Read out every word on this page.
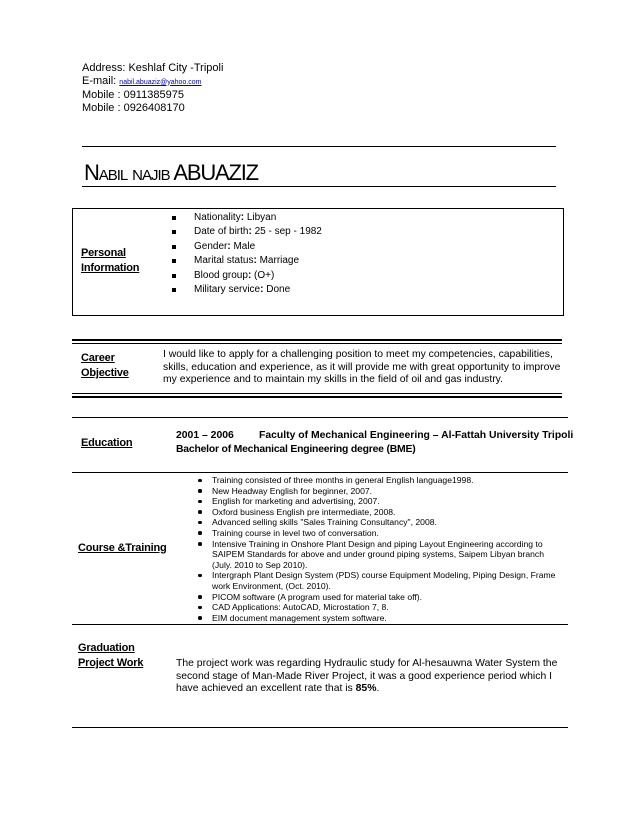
Address: Keshlaf City -Tripoli
E-mail: nabil.abuaziz@yahoo.com
Mobile : 0911385975
Mobile : 0926408170
NABIL NAJIB ABUAZIZ
Personal
Information
Nationality: Libyan
Date of birth: 25 - sep - 1982
Gender: Male
Marital status: Marriage
Blood group: (O+)
Military service: Done
Career
Objective
I would like to apply for a challenging position to meet my competencies, capabilities, skills, education and experience, as it will provide me with great opportunity to improve my experience and to maintain my skills in the field of oil and gas industry.
Education
2001 – 2006 Faculty of Mechanical Engineering – Al-Fattah University Tripoli
Bachelor of Mechanical Engineering degree (BME)
Course &Training
Training consisted of three months in general English language1998.
New Headway English for beginner, 2007.
English for marketing and advertising, 2007.
Oxford business English pre intermediate, 2008.
Advanced selling skills "Sales Training Consultancy", 2008.
Training course in level two of conversation.
Intensive Training in Onshore Plant Design and piping Layout Engineering according to SAIPEM Standards for above and under ground piping systems, Saipem Libyan branch (July. 2010 to Sep 2010).
Intergraph Plant Design System (PDS) course Equipment Modeling, Piping Design, Frame work Environment, (Oct. 2010).
PICOM software (A program used for material take off).
CAD Applications: AutoCAD, Microstation 7, 8.
EIM document management system software.
Graduation
Project Work	The project work was regarding Hydraulic study for Al-hesauwna Water System the second stage of Man-Made River Project, it was a good experience period which I have achieved an excellent rate that is 85%.
